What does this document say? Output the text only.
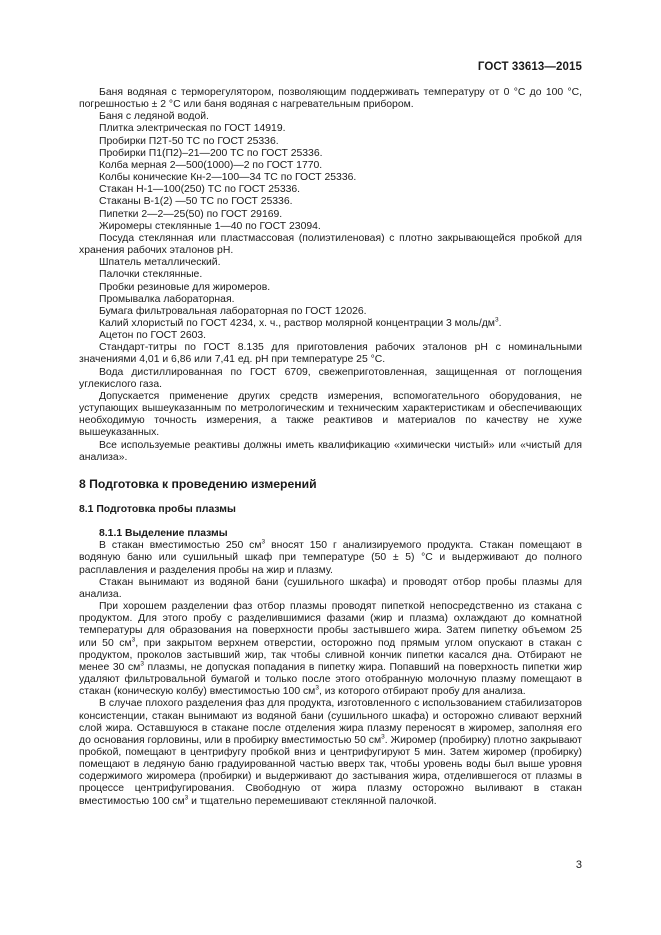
ГОСТ 33613—2015

Баня водяная с терморегулятором, позволяющим поддерживать температуру от 0 °С до 100 °С, погрешностью ± 2 °С или баня водяная с нагревательным прибором.

Баня с ледяной водой.

Плитка электрическая по ГОСТ 14919.

Пробирки П2Т-50 ТС по ГОСТ 25336.

Пробирки П1(П2)–21—200 ТС по ГОСТ 25336.

Колба мерная 2—500(1000)—2 по ГОСТ 1770.

Колбы конические Кн-2—100—34 ТС по ГОСТ 25336.

Стакан Н-1—100(250) ТС по ГОСТ 25336.

Стаканы В-1(2) —50 ТС по ГОСТ 25336.

Пипетки 2—2—25(50) по ГОСТ 29169.

Жиромеры стеклянные 1—40 по ГОСТ 23094.

Посуда стеклянная или пластмассовая (полиэтиленовая) с плотно закрывающейся пробкой для хранения рабочих эталонов рН.

Шпатель металлический.

Палочки стеклянные.

Пробки резиновые для жиромеров.

Промывалка лабораторная.

Бумага фильтровальная лабораторная по ГОСТ 12026.

Калий хлористый по ГОСТ 4234, х. ч., раствор молярной концентрации 3 моль/$дм^3$.

Ацетон по ГОСТ 2603.

Стандарт-титры по ГОСТ 8.135 для приготовления рабочих эталонов рН с номинальными значениями 4,01 и 6,86 или 7,41 ед. рН при температуре 25 °С.

Вода дистиллированная по ГОСТ 6709, свежеприготовленная, защищенная от поглощения углекислого газа.

Допускается применение других средств измерения, вспомогательного оборудования, не уступающих вышеуказанным по метрологическим и техническим характеристикам и обеспечивающих необходимую точность измерения, а также реактивов и материалов по качеству не хуже вышеуказанных.

Все используемые реактивы должны иметь квалификацию «химически чистый» или «чистый для анализа».

8 Подготовка к проведению измерений
8.1 Подготовка пробы плазмы
8.1.1 Выделение плазмы

В стакан вместимостью 250 $см^3$ вносят 150 г анализируемого продукта. Стакан помещают в водяную баню или сушильный шкаф при температуре (50 ± 5) °С и выдерживают до полного расплавления и разделения пробы на жир и плазму.

Стакан вынимают из водяной бани (сушильного шкафа) и проводят отбор пробы плазмы для анализа.

При хорошем разделении фаз отбор плазмы проводят пипеткой непосредственно из стакана с продуктом. Для этого пробу с разделившимися фазами (жир и плазма) охлаждают до комнатной температуры для образования на поверхности пробы застывшего жира. Затем пипетку объемом 25 или 50 $см^3$, при закрытом верхнем отверстии, осторожно под прямым углом опускают в стакан с продуктом, проколов застывший жир, так чтобы сливной кончик пипетки касался дна. Отбирают не менее 30 $см^3$ плазмы, не допуская попадания в пипетку жира. Попавший на поверхность пипетки жир удаляют фильтровальной бумагой и только после этого отобранную молочную плазму помещают в стакан (коническую колбу) вместимостью 100 $см^3$, из которого отбирают пробу для анализа.

В случае плохого разделения фаз для продукта, изготовленного с использованием стабилизаторов консистенции, стакан вынимают из водяной бани (сушильного шкафа) и осторожно сливают верхний слой жира. Оставшуюся в стакане после отделения жира плазму переносят в жиромер, заполняя его до основания горловины, или в пробирку вместимостью 50 $см^3$. Жиромер (пробирку) плотно закрывают пробкой, помещают в центрифугу пробкой вниз и центрифугируют 5 мин. Затем жиромер (пробирку) помещают в ледяную баню градуированной частью вверх так, чтобы уровень воды был выше уровня содержимого жиромера (пробирки) и выдерживают до застывания жира, отделившегося от плазмы в процессе центрифугирования. Свободную от жира плазму осторожно выливают в стакан вместимостью 100 $см^3$ и тщательно перемешивают стеклянной палочкой.

3
